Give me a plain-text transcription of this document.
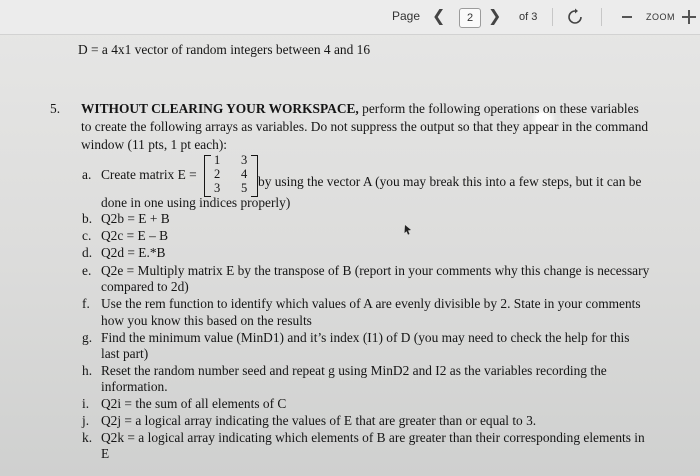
Page ❮	2 ❯ of 3	ZOOM
D = a 4x1 vector of random integers between 4 and 16
5. WITHOUT CLEARING YOUR WORKSPACE, perform the following operations on these variables
to create the following arrays as variables. Do not suppress the output so that they appear in the command
window (11 pts, 1 pt each):
a. Create matrix E =
1 3
2 4
3 5 by using the vector A (you may break this into a few steps, but it can be
done in one using indices properly)
b. Q2b = E + B
c. Q2c = E – B
d. Q2d = E.*B
e. Q2e = Multiply matrix E by the transpose of B (report in your comments why this change is necessary
compared to 2d)
f. Use the rem function to identify which values of A are evenly divisible by 2. State in your comments
how you know this based on the results
g. Find the minimum value (MinD1) and it’s index (I1) of D (you may need to check the help for this
last part)
h. Reset the random number seed and repeat g using MinD2 and I2 as the variables recording the
information.
i. Q2i = the sum of all elements of C
j. Q2j = a logical array indicating the values of E that are greater than or equal to 3.
k. Q2k = a logical array indicating which elements of B are greater than their corresponding elements in
E
